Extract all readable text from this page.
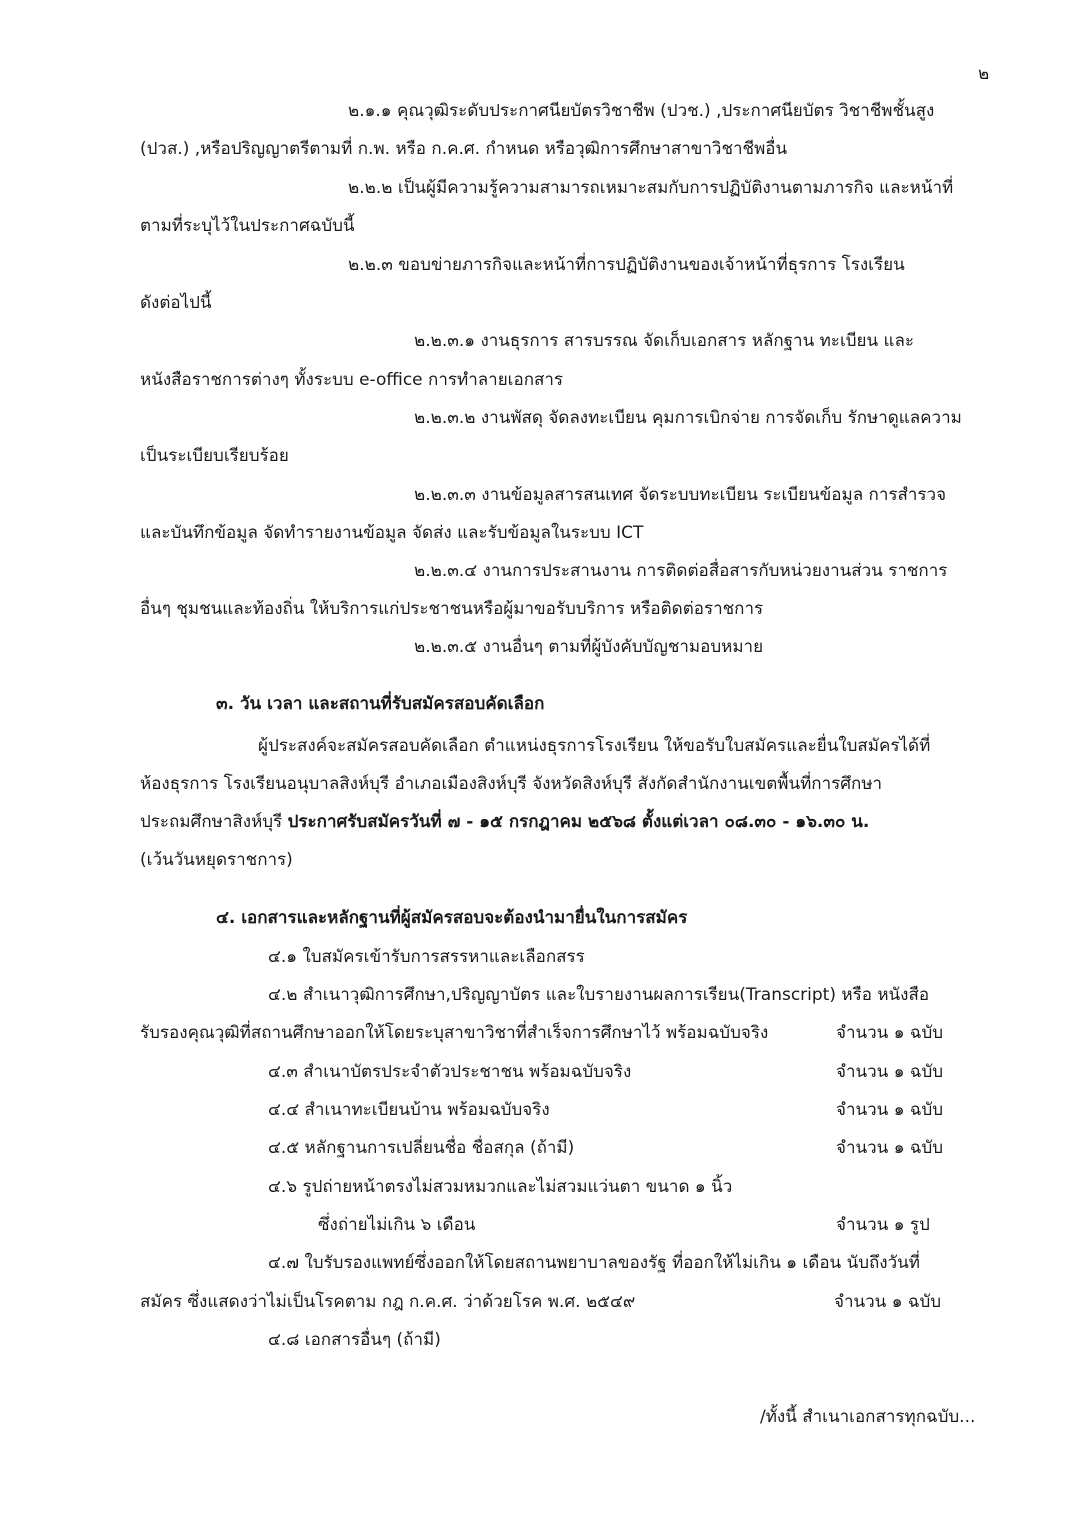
๒
๒.๑.๑ คุณวุฒิระดับประกาศนียบัตรวิชาชีพ (ปวช.) ,ประกาศนียบัตร วิชาชีพชั้นสูง
(ปวส.) ,หรือปริญญาตรีตามที่ ก.พ. หรือ ก.ค.ศ. กำหนด หรือวุฒิการศึกษาสาขาวิชาชีพอื่น
๒.๒.๒ เป็นผู้มีความรู้ความสามารถเหมาะสมกับการปฏิบัติงานตามภารกิจ และหน้าที่
ตามที่ระบุไว้ในประกาศฉบับนี้
๒.๒.๓ ขอบข่ายภารกิจและหน้าที่การปฏิบัติงานของเจ้าหน้าที่ธุรการ โรงเรียน
ดังต่อไปนี้
๒.๒.๓.๑ งานธุรการ สารบรรณ จัดเก็บเอกสาร หลักฐาน ทะเบียน และ
หนังสือราชการต่างๆ ทั้งระบบ e-office การทำลายเอกสาร
๒.๒.๓.๒ งานพัสดุ จัดลงทะเบียน คุมการเบิกจ่าย การจัดเก็บ รักษาดูแลความ
เป็นระเบียบเรียบร้อย
๒.๒.๓.๓ งานข้อมูลสารสนเทศ จัดระบบทะเบียน ระเบียนข้อมูล การสำรวจ
และบันทึกข้อมูล จัดทำรายงานข้อมูล จัดส่ง และรับข้อมูลในระบบ ICT
๒.๒.๓.๔ งานการประสานงาน การติดต่อสื่อสารกับหน่วยงานส่วน ราชการ
อื่นๆ ชุมชนและท้องถิ่น ให้บริการแก่ประชาชนหรือผู้มาขอรับบริการ หรือติดต่อราชการ
๒.๒.๓.๕ งานอื่นๆ ตามที่ผู้บังคับบัญชามอบหมาย
๓. วัน เวลา และสถานที่รับสมัครสอบคัดเลือก
ผู้ประสงค์จะสมัครสอบคัดเลือก ตำแหน่งธุรการโรงเรียน ให้ขอรับใบสมัครและยื่นใบสมัครได้ที่
ห้องธุรการ โรงเรียนอนุบาลสิงห์บุรี อำเภอเมืองสิงห์บุรี จังหวัดสิงห์บุรี สังกัดสำนักงานเขตพื้นที่การศึกษา
ประถมศึกษาสิงห์บุรี ประกาศรับสมัครวันที่ ๗ - ๑๕ กรกฎาคม ๒๕๖๘ ตั้งแต่เวลา ๐๘.๓๐ - ๑๖.๓๐ น.
(เว้นวันหยุดราชการ)
๔. เอกสารและหลักฐานที่ผู้สมัครสอบจะต้องนำมายื่นในการสมัคร
๔.๑ ใบสมัครเข้ารับการสรรหาและเลือกสรร
๔.๒ สำเนาวุฒิการศึกษา,ปริญญาบัตร และใบรายงานผลการเรียน(Transcript) หรือ หนังสือ
รับรองคุณวุฒิที่สถานศึกษาออกให้โดยระบุสาขาวิชาที่สำเร็จการศึกษาไว้ พร้อมฉบับจริง	จำนวน ๑ ฉบับ
๔.๓ สำเนาบัตรประจำตัวประชาชน พร้อมฉบับจริง	จำนวน ๑ ฉบับ
๔.๔ สำเนาทะเบียนบ้าน พร้อมฉบับจริง	จำนวน ๑ ฉบับ
๔.๕ หลักฐานการเปลี่ยนชื่อ ชื่อสกุล (ถ้ามี)	จำนวน ๑ ฉบับ
๔.๖ รูปถ่ายหน้าตรงไม่สวมหมวกและไม่สวมแว่นตา ขนาด ๑ นิ้ว
ซึ่งถ่ายไม่เกิน ๖ เดือน	จำนวน ๑ รูป
๔.๗ ใบรับรองแพทย์ซึ่งออกให้โดยสถานพยาบาลของรัฐ ที่ออกให้ไม่เกิน ๑ เดือน นับถึงวันที่
สมัคร ซึ่งแสดงว่าไม่เป็นโรคตาม กฎ ก.ค.ศ. ว่าด้วยโรค พ.ศ. ๒๕๔๙	จำนวน ๑ ฉบับ
๔.๘ เอกสารอื่นๆ (ถ้ามี)
/ทั้งนี้ สำเนาเอกสารทุกฉบับ...
